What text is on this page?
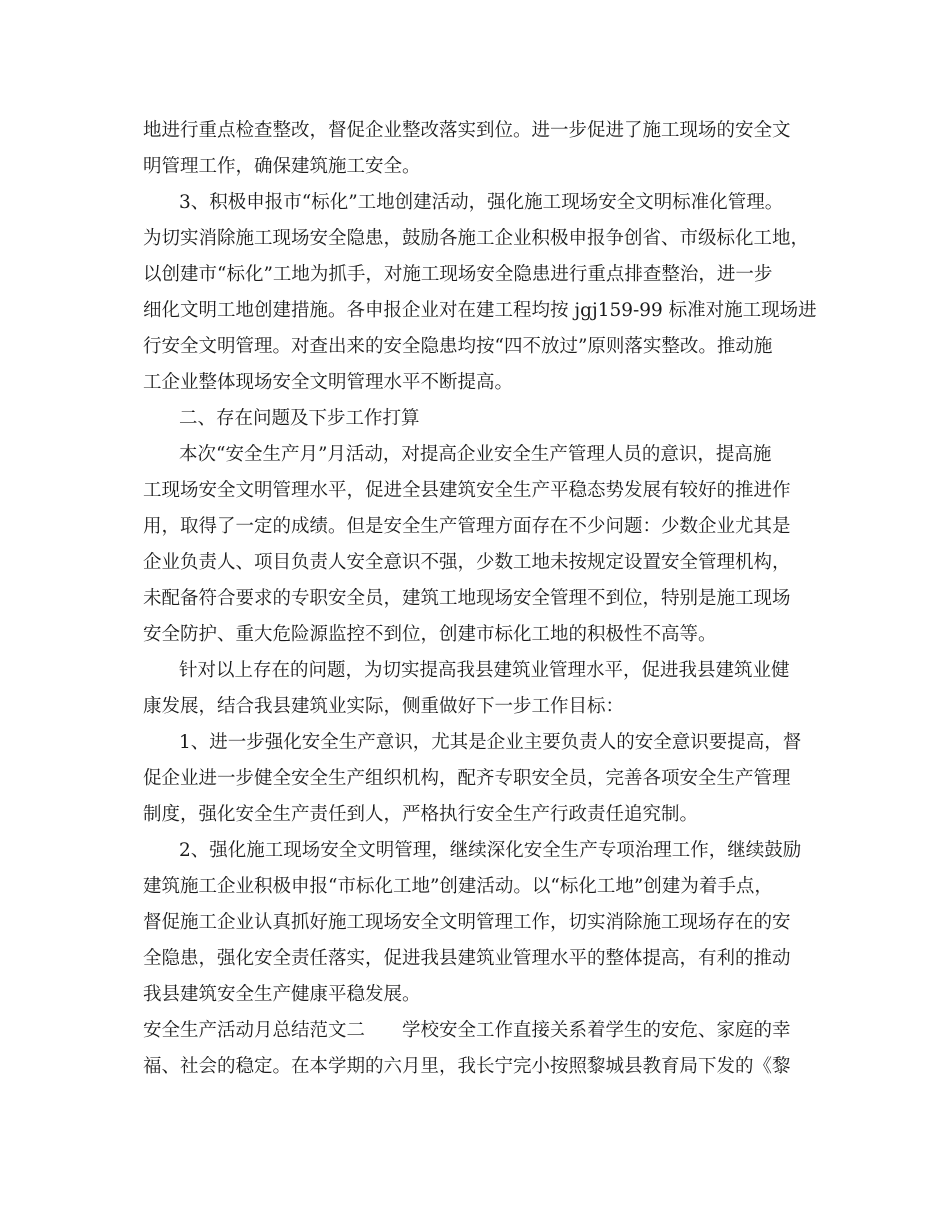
地进行重点检查整改，督促企业整改落实到位。进一步促进了施工现场的安全文
明管理工作，确保建筑施工安全。
3、积极申报市“标化”工地创建活动，强化施工现场安全文明标准化管理。
为切实消除施工现场安全隐患，鼓励各施工企业积极申报争创省、市级标化工地，
以创建市“标化”工地为抓手，对施工现场安全隐患进行重点排查整治，进一步
细化文明工地创建措施。各申报企业对在建工程均按 jgj159-99 标准对施工现场进
行安全文明管理。对查出来的安全隐患均按“四不放过”原则落实整改。推动施
工企业整体现场安全文明管理水平不断提高。
二、存在问题及下步工作打算
本次“安全生产月”月活动，对提高企业安全生产管理人员的意识，提高施
工现场安全文明管理水平，促进全县建筑安全生产平稳态势发展有较好的推进作
用，取得了一定的成绩。但是安全生产管理方面存在不少问题：少数企业尤其是
企业负责人、项目负责人安全意识不强，少数工地未按规定设置安全管理机构，
未配备符合要求的专职安全员，建筑工地现场安全管理不到位，特别是施工现场
安全防护、重大危险源监控不到位，创建市标化工地的积极性不高等。
针对以上存在的问题，为切实提高我县建筑业管理水平，促进我县建筑业健
康发展，结合我县建筑业实际，侧重做好下一步工作目标：
1、进一步强化安全生产意识，尤其是企业主要负责人的安全意识要提高，督
促企业进一步健全安全生产组织机构，配齐专职安全员，完善各项安全生产管理
制度，强化安全生产责任到人，严格执行安全生产行政责任追究制。
2、强化施工现场安全文明管理，继续深化安全生产专项治理工作，继续鼓励
建筑施工企业积极申报“市标化工地”创建活动。以“标化工地”创建为着手点，
督促施工企业认真抓好施工现场安全文明管理工作，切实消除施工现场存在的安
全隐患，强化安全责任落实，促进我县建筑业管理水平的整体提高，有利的推动
我县建筑安全生产健康平稳发展。
安全生产活动月总结范文二　　学校安全工作直接关系着学生的安危、家庭的幸
福、社会的稳定。在本学期的六月里，我长宁完小按照黎城县教育局下发的《黎
